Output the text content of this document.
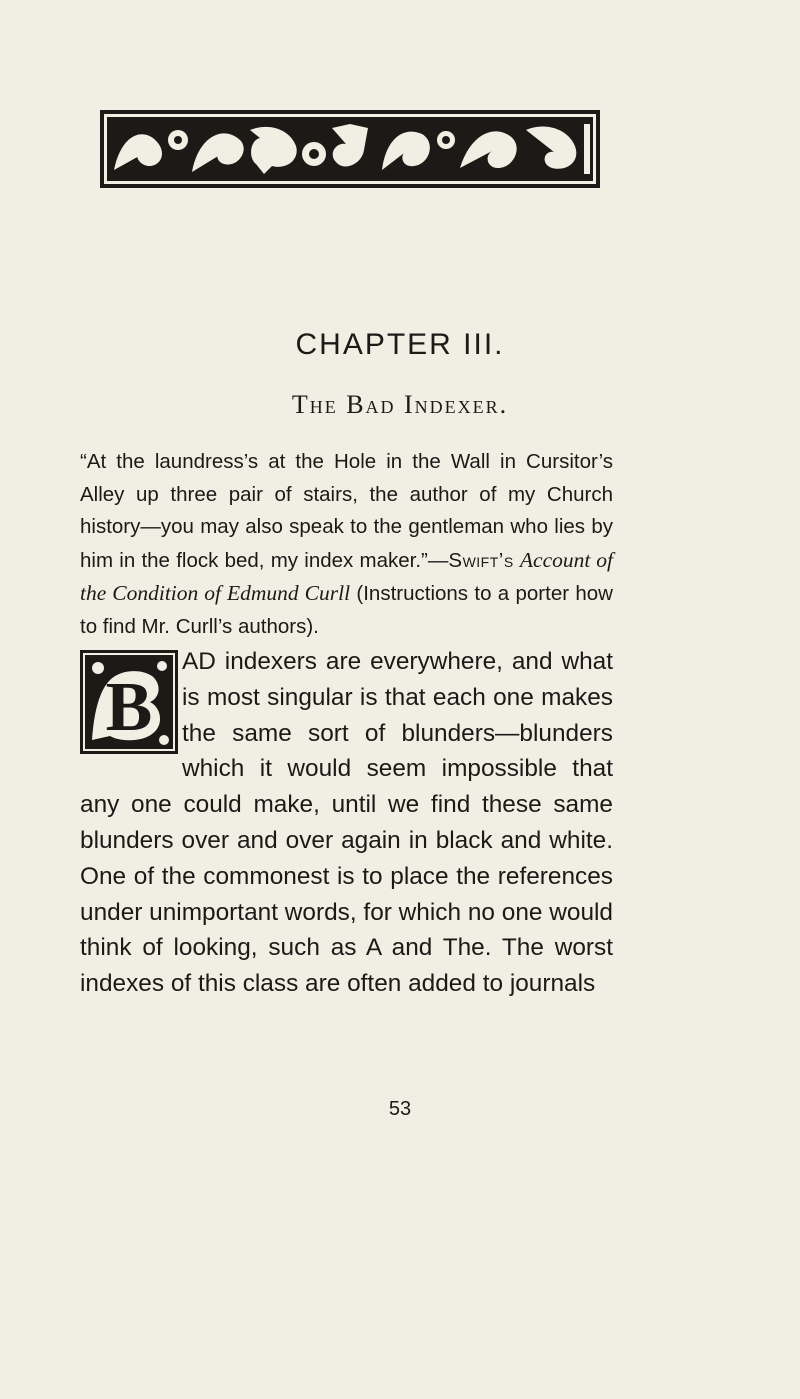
CHAPTER III.
The Bad Indexer.

“At the laundress’s at the Hole in the Wall in Cursitor’s Alley up three pair of stairs, the author of my Church history—you may also speak to the gentleman who lies by him in the flock bed, my index maker.”—Swift’s Account of the Condition of Edmund Curll (Instructions to a porter how to find Mr. Curll’s authors).

B
AD indexers are everywhere, and what is most singular is that each one makes the same sort of blunders—blunders which it would seem impossible that any one could make, until we find these same blunders over and over again in black and white. One of the commonest is to place the references under unimportant words, for which no one would think of looking, such as A and The. The worst indexes of this class are often added to journals
53
